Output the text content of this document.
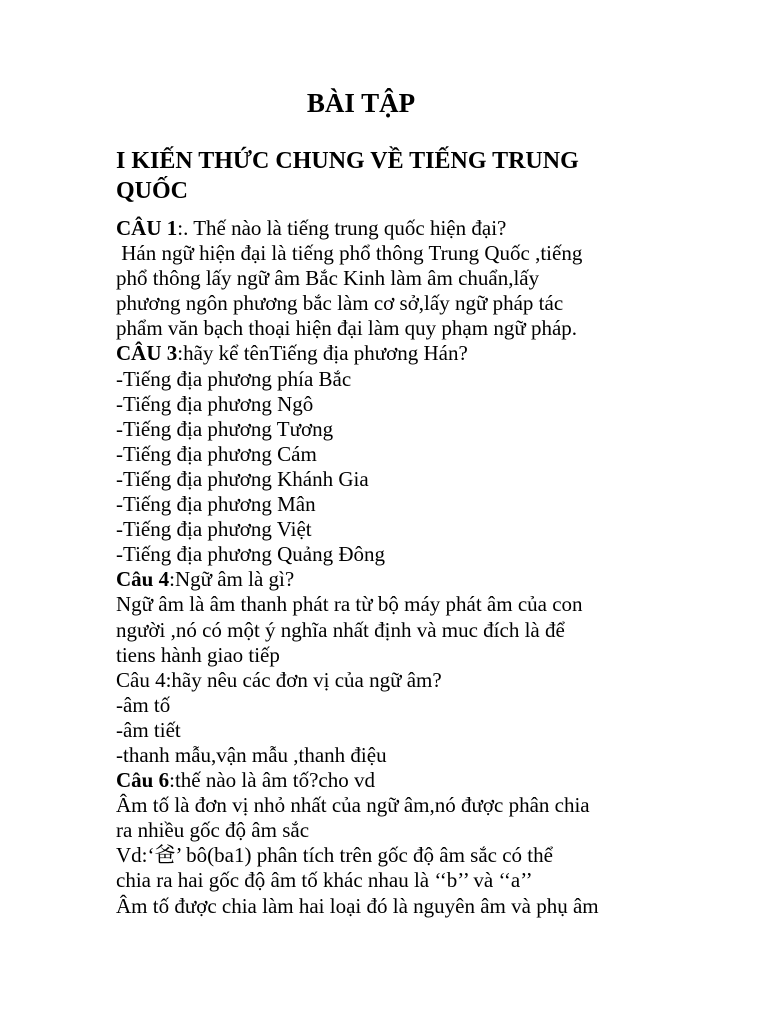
BÀI TẬP
I KIẾN THỨC CHUNG VỀ TIẾNG TRUNG
QUỐC
CÂU 1:. Thế nào là tiếng trung quốc hiện đại?
Hán ngữ hiện đại là tiếng phổ thông Trung Quốc ,tiếng
phổ thông lấy ngữ âm Bắc Kinh làm âm chuẩn,lấy
phương ngôn phương bắc làm cơ sở,lấy ngữ pháp tác
phẩm văn bạch thoại hiện đại làm quy phạm ngữ pháp.
CÂU 3:hãy kể tênTiếng địa phương Hán?
-Tiếng địa phương phía Bắc
-Tiếng địa phương Ngô
-Tiếng địa phương Tương
-Tiếng địa phương Cám
-Tiếng địa phương Khánh Gia
-Tiếng địa phương Mân
-Tiếng địa phương Việt
-Tiếng địa phương Quảng Đông
Câu 4:Ngữ âm là gì?
Ngữ âm là âm thanh phát ra từ bộ máy phát âm của con
người ,nó có một ý nghĩa nhất định và muc đích là để
tiens hành giao tiếp
Câu 4:hãy nêu các đơn vị của ngữ âm?
-âm tố
-âm tiết
-thanh mẫu,vận mẫu ,thanh điệu
Câu 6:thế nào là âm tố?cho vd
Âm tố là đơn vị nhỏ nhất của ngữ âm,nó được phân chia
ra nhiều gốc độ âm sắc
Vd:‘爸’ bô(ba1) phân tích trên gốc độ âm sắc có thể
chia ra hai gốc độ âm tố khác nhau là ‘‘b’’ và ‘‘a’’
Âm tố được chia làm hai loại đó là nguyên âm và phụ âm
